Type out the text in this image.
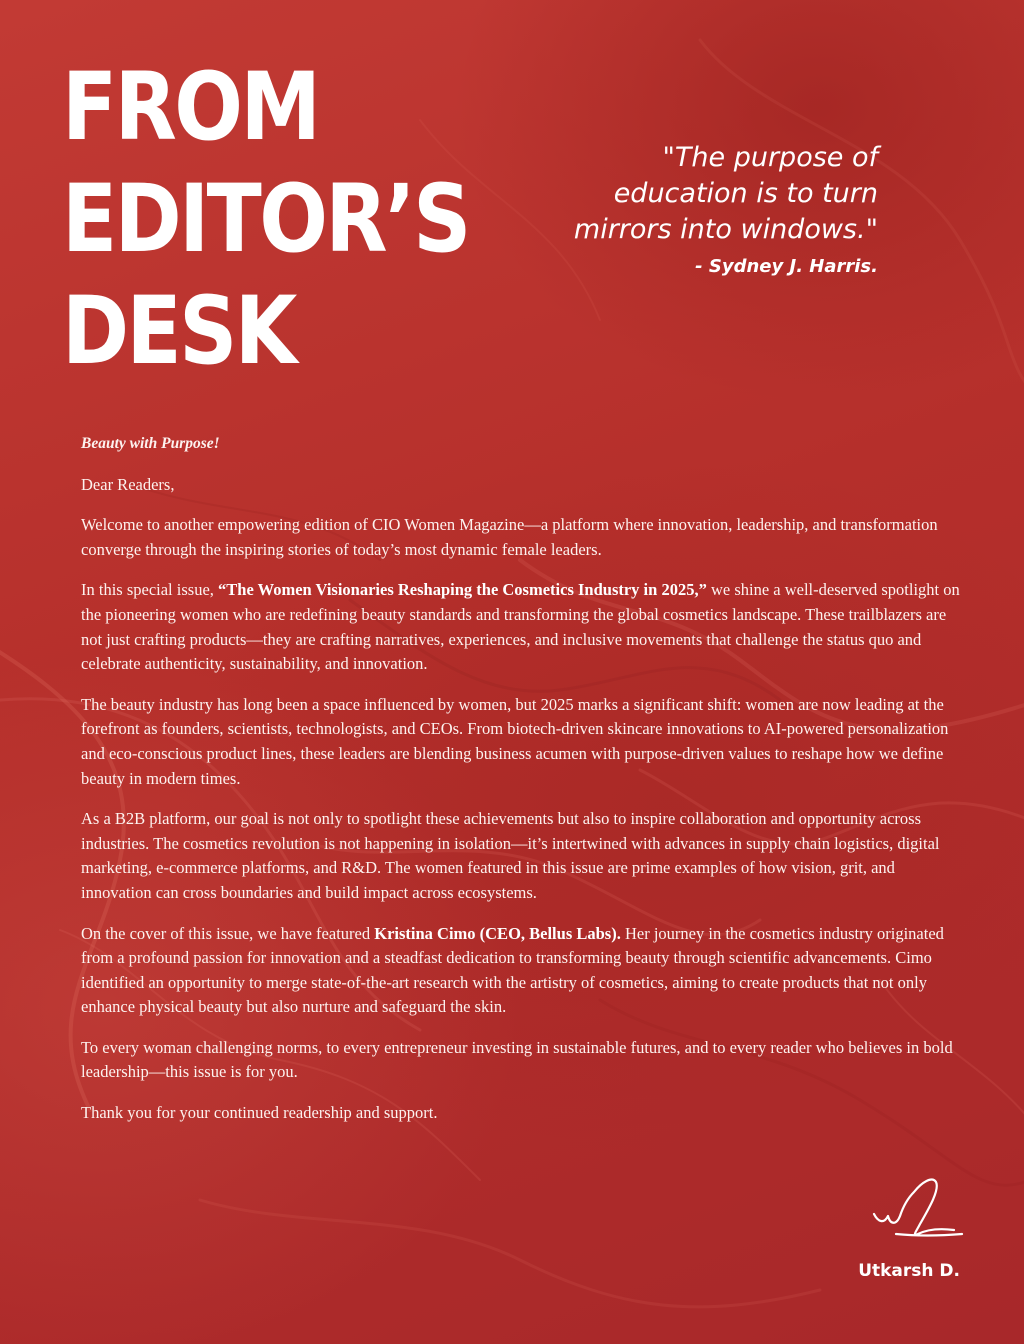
FROM
EDITOR’S
DESK

"The purpose of education is to turn mirrors into windows."

- Sydney J. Harris.

Beauty with Purpose!

Dear Readers,

Welcome to another empowering edition of CIO Women Magazine—a platform where innovation, leadership, and transformation converge through the inspiring stories of today’s most dynamic female leaders.

In this special issue, “The Women Visionaries Reshaping the Cosmetics Industry in 2025,” we shine a well-deserved spotlight on the pioneering women who are redefining beauty standards and transforming the global cosmetics landscape. These trailblazers are not just crafting products—they are crafting narratives, experiences, and inclusive movements that challenge the status quo and celebrate authenticity, sustainability, and innovation.

The beauty industry has long been a space influenced by women, but 2025 marks a significant shift: women are now leading at the forefront as founders, scientists, technologists, and CEOs. From biotech-driven skincare innovations to AI-powered personalization and eco-conscious product lines, these leaders are blending business acumen with purpose-driven values to reshape how we define beauty in modern times.

As a B2B platform, our goal is not only to spotlight these achievements but also to inspire collaboration and opportunity across industries. The cosmetics revolution is not happening in isolation—it’s intertwined with advances in supply chain logistics, digital marketing, e-commerce platforms, and R&D. The women featured in this issue are prime examples of how vision, grit, and innovation can cross boundaries and build impact across ecosystems.

On the cover of this issue, we have featured Kristina Cimo (CEO, Bellus Labs). Her journey in the cosmetics industry originated from a profound passion for innovation and a steadfast dedication to transforming beauty through scientific advancements. Cimo identified an opportunity to merge state-of-the-art research with the artistry of cosmetics, aiming to create products that not only enhance physical beauty but also nurture and safeguard the skin.

To every woman challenging norms, to every entrepreneur investing in sustainable futures, and to every reader who believes in bold leadership—this issue is for you.

Thank you for your continued readership and support.

Utkarsh D.
